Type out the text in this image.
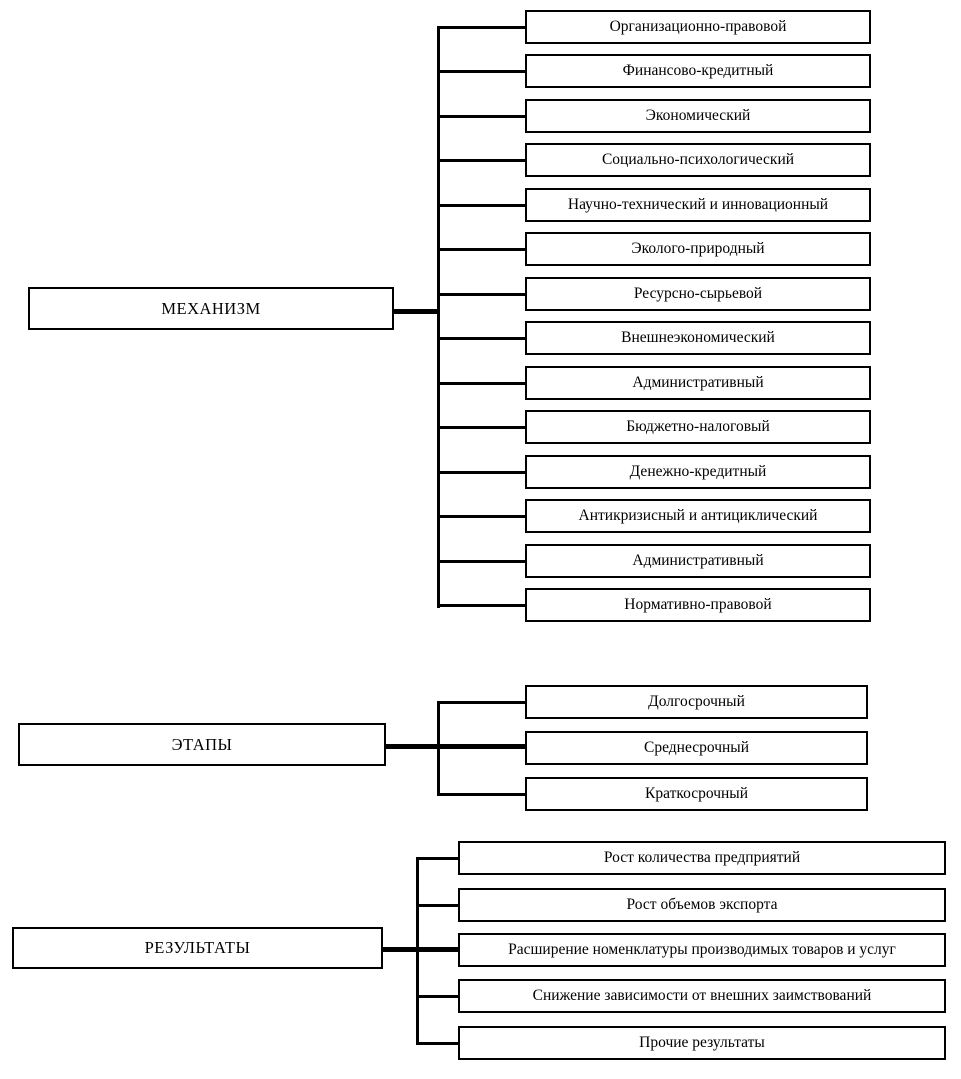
МЕХАНИЗМ
Организационно-правовой
Финансово-кредитный
Экономический
Социально-психологический
Научно-технический и инновационный
Эколого-природный
Ресурсно-сырьевой
Внешнеэкономический
Административный
Бюджетно-налоговый
Денежно-кредитный
Антикризисный и антициклический
Административный
Нормативно-правовой
ЭТАПЫ
Долгосрочный
Среднесрочный
Краткосрочный
РЕЗУЛЬТАТЫ
Рост количества предприятий
Рост объемов экспорта
Расширение номенклатуры производимых товаров и услуг
Снижение зависимости от внешних заимствований
Прочие результаты
